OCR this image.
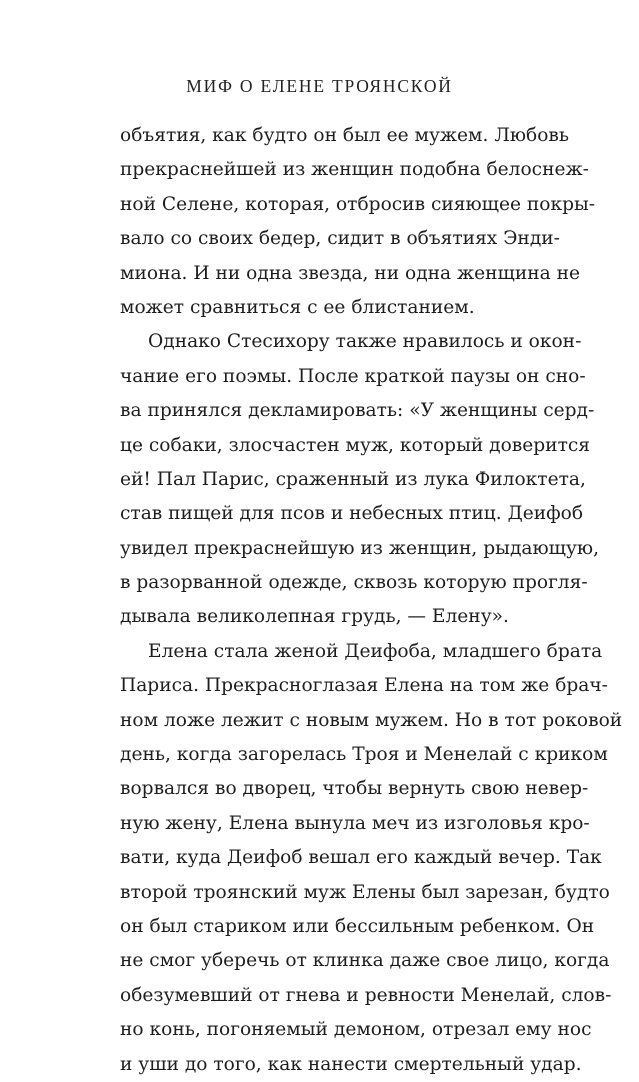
МИФ О ЕЛЕНЕ ТРОЯНСКОЙ
объятия, как будто он был ее мужем. Любовь
прекраснейшей из женщин подобна белоснеж-
ной Селене, которая, отбросив сияющее покры-
вало со своих бедер, сидит в объятиях Энди-
миона. И ни одна звезда, ни одна женщина не
может сравниться с ее блистанием.
Однако Стесихору также нравилось и окон-
чание его поэмы. После краткой паузы он сно-
ва принялся декламировать: «У женщины серд-
це собаки, злосчастен муж, который доверится
ей! Пал Парис, сраженный из лука Филоктета,
став пищей для псов и небесных птиц. Деифоб
увидел прекраснейшую из женщин, рыдающую,
в разорванной одежде, сквозь которую прогля-
дывала великолепная грудь, — Елену».
Елена стала женой Деифоба, младшего брата
Париса. Прекрасноглазая Елена на том же брач-
ном ложе лежит с новым мужем. Но в тот роковой
день, когда загорелась Троя и Менелай с криком
ворвался во дворец, чтобы вернуть свою невер-
ную жену, Елена вынула меч из изголовья кро-
вати, куда Деифоб вешал его каждый вечер. Так
второй троянский муж Елены был зарезан, будто
он был стариком или бессильным ребенком. Он
не смог уберечь от клинка даже свое лицо, когда
обезумевший от гнева и ревности Менелай, слов-
но конь, погоняемый демоном, отрезал ему нос
и уши до того, как нанести смертельный удар.
